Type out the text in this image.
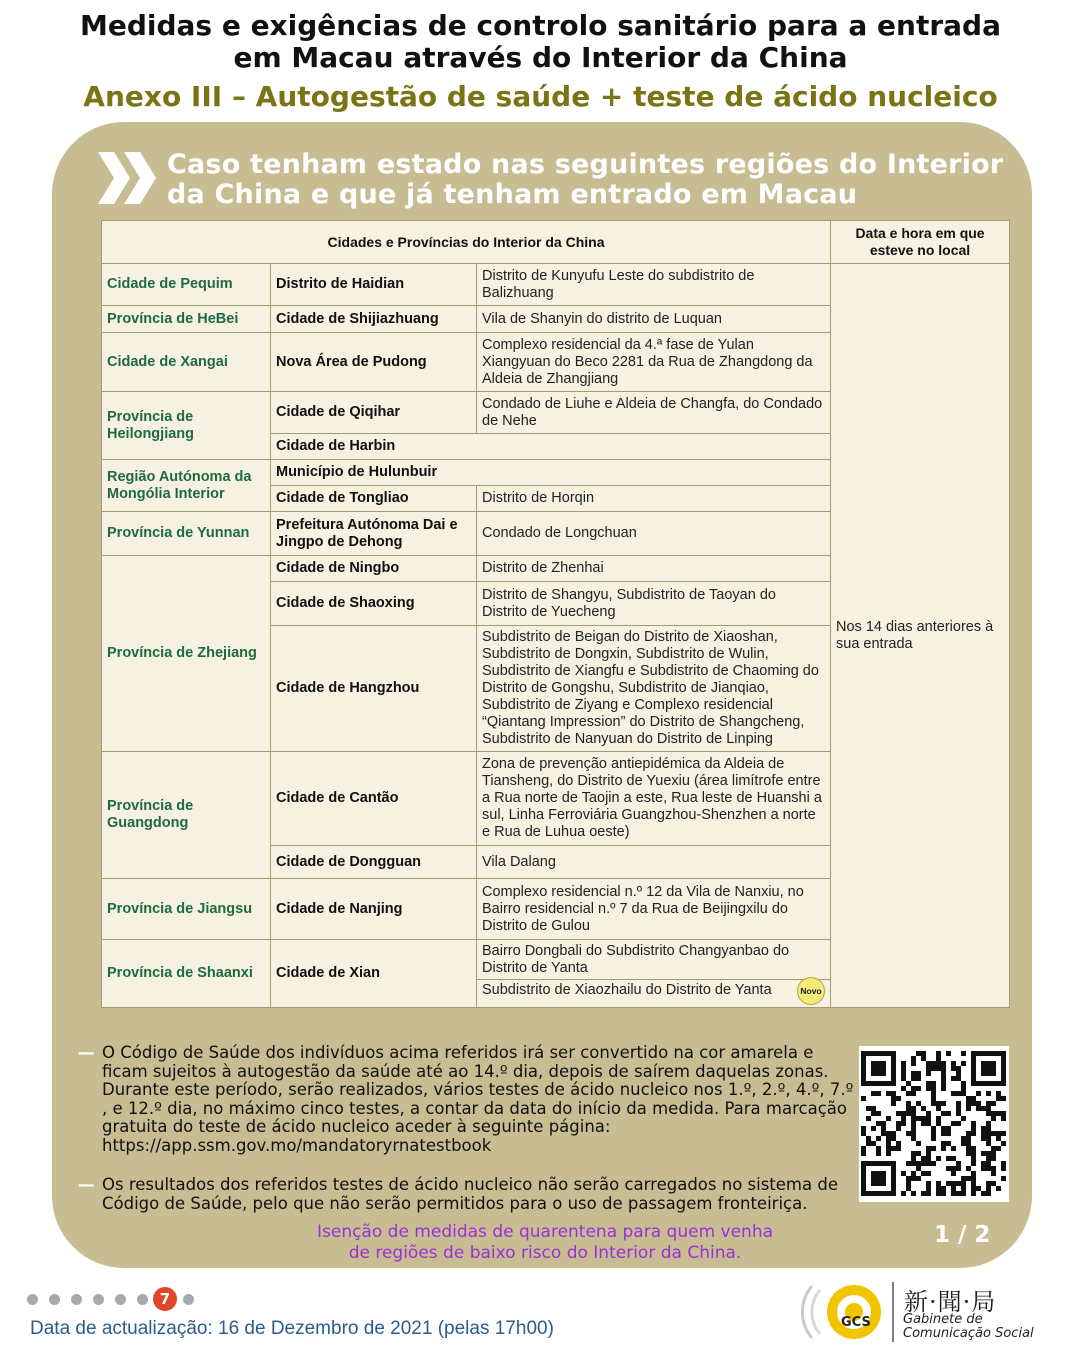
Medidas e exigências de controlo sanitário para a entrada
em Macau através do Interior da China
Anexo III – Autogestão de saúde + teste de ácido nucleico
Caso tenham estado nas seguintes regiões do Interior
da China e que já tenham entrado em Macau
Cidades e Províncias do Interior da China			Data e hora em que esteve no local
Cidade de Pequim	Distrito de Haidian	Distrito de Kunyufu Leste do subdistrito de Balizhuang	Nos 14 dias anteriores à sua entrada
Província de HeBei	Cidade de Shijiazhuang	Vila de Shanyin do distrito de Luquan	
Cidade de Xangai	Nova Área de Pudong	Complexo residencial da 4.ª fase de Yulan Xiangyuan do Beco 2281 da Rua de Zhangdong da Aldeia de Zhangjiang	
Província de Heilongjiang	Cidade de Qiqihar	Condado de Liuhe e Aldeia de Changfa, do Condado de Nehe	
	Cidade de Harbin		
Região Autónoma da Mongólia Interior	Município de Hulunbuir		
	Cidade de Tongliao	Distrito de Horqin	
Província de Yunnan	Prefeitura Autónoma Dai e Jingpo de Dehong	Condado de Longchuan	
Província de Zhejiang	Cidade de Ningbo	Distrito de Zhenhai	
	Cidade de Shaoxing	Distrito de Shangyu, Subdistrito de Taoyan do Distrito de Yuecheng	
	Cidade de Hangzhou	Subdistrito de Beigan do Distrito de Xiaoshan, Subdistrito de Dongxin, Subdistrito de Wulin, Subdistrito de Xiangfu e Subdistrito de Chaoming do Distrito de Gongshu, Subdistrito de Jianqiao, Subdistrito de Ziyang e Complexo residencial “Qiantang Impression” do Distrito de Shangcheng, Subdistrito de Nanyuan do Distrito de Linping	
Província de Guangdong	Cidade de Cantão	Zona de prevenção antiepidémica da Aldeia de Tiansheng, do Distrito de Yuexiu (área limítrofe entre a Rua norte de Taojin a este, Rua leste de Huanshi a sul, Linha Ferroviária Guangzhou-Shenzhen a norte e Rua de Luhua oeste)	
	Cidade de Dongguan	Vila Dalang	
Província de Jiangsu	Cidade de Nanjing	Complexo residencial n.º 12 da Vila de Nanxiu, no Bairro residencial n.º 7 da Rua de Beijingxilu do Distrito de Gulou	
Província de Shaanxi	Cidade de Xian	Bairro Dongbali do Subdistrito Changyanbao do Distrito de Yanta	
		Subdistrito de Xiaozhailu do Distrito de Yanta Novo	
— O Código de Saúde dos indivíduos acima referidos irá ser convertido na cor amarela e ficam sujeitos à autogestão da saúde até ao 14.º dia, depois de saírem daquelas zonas. Durante este período, serão realizados, vários testes de ácido nucleico nos 1.º, 2.º, 4.º, 7.º , e 12.º dia, no máximo cinco testes, a contar da data do início da medida. Para marcação gratuita do teste de ácido nucleico aceder à seguinte página:
https://app.ssm.gov.mo/mandatoryrnatestbook
— Os resultados dos referidos testes de ácido nucleico não serão carregados no sistema de Código de Saúde, pelo que não serão permitidos para o uso de passagem fronteiriça.
Isenção de medidas de quarentena para quem venha
de regiões de baixo risco do Interior da China.
1 / 2
7
Data de actualização: 16 de Dezembro de 2021 (pelas 17h00)	GCS
新·聞·局
Gabinete de
Comunicação Social
